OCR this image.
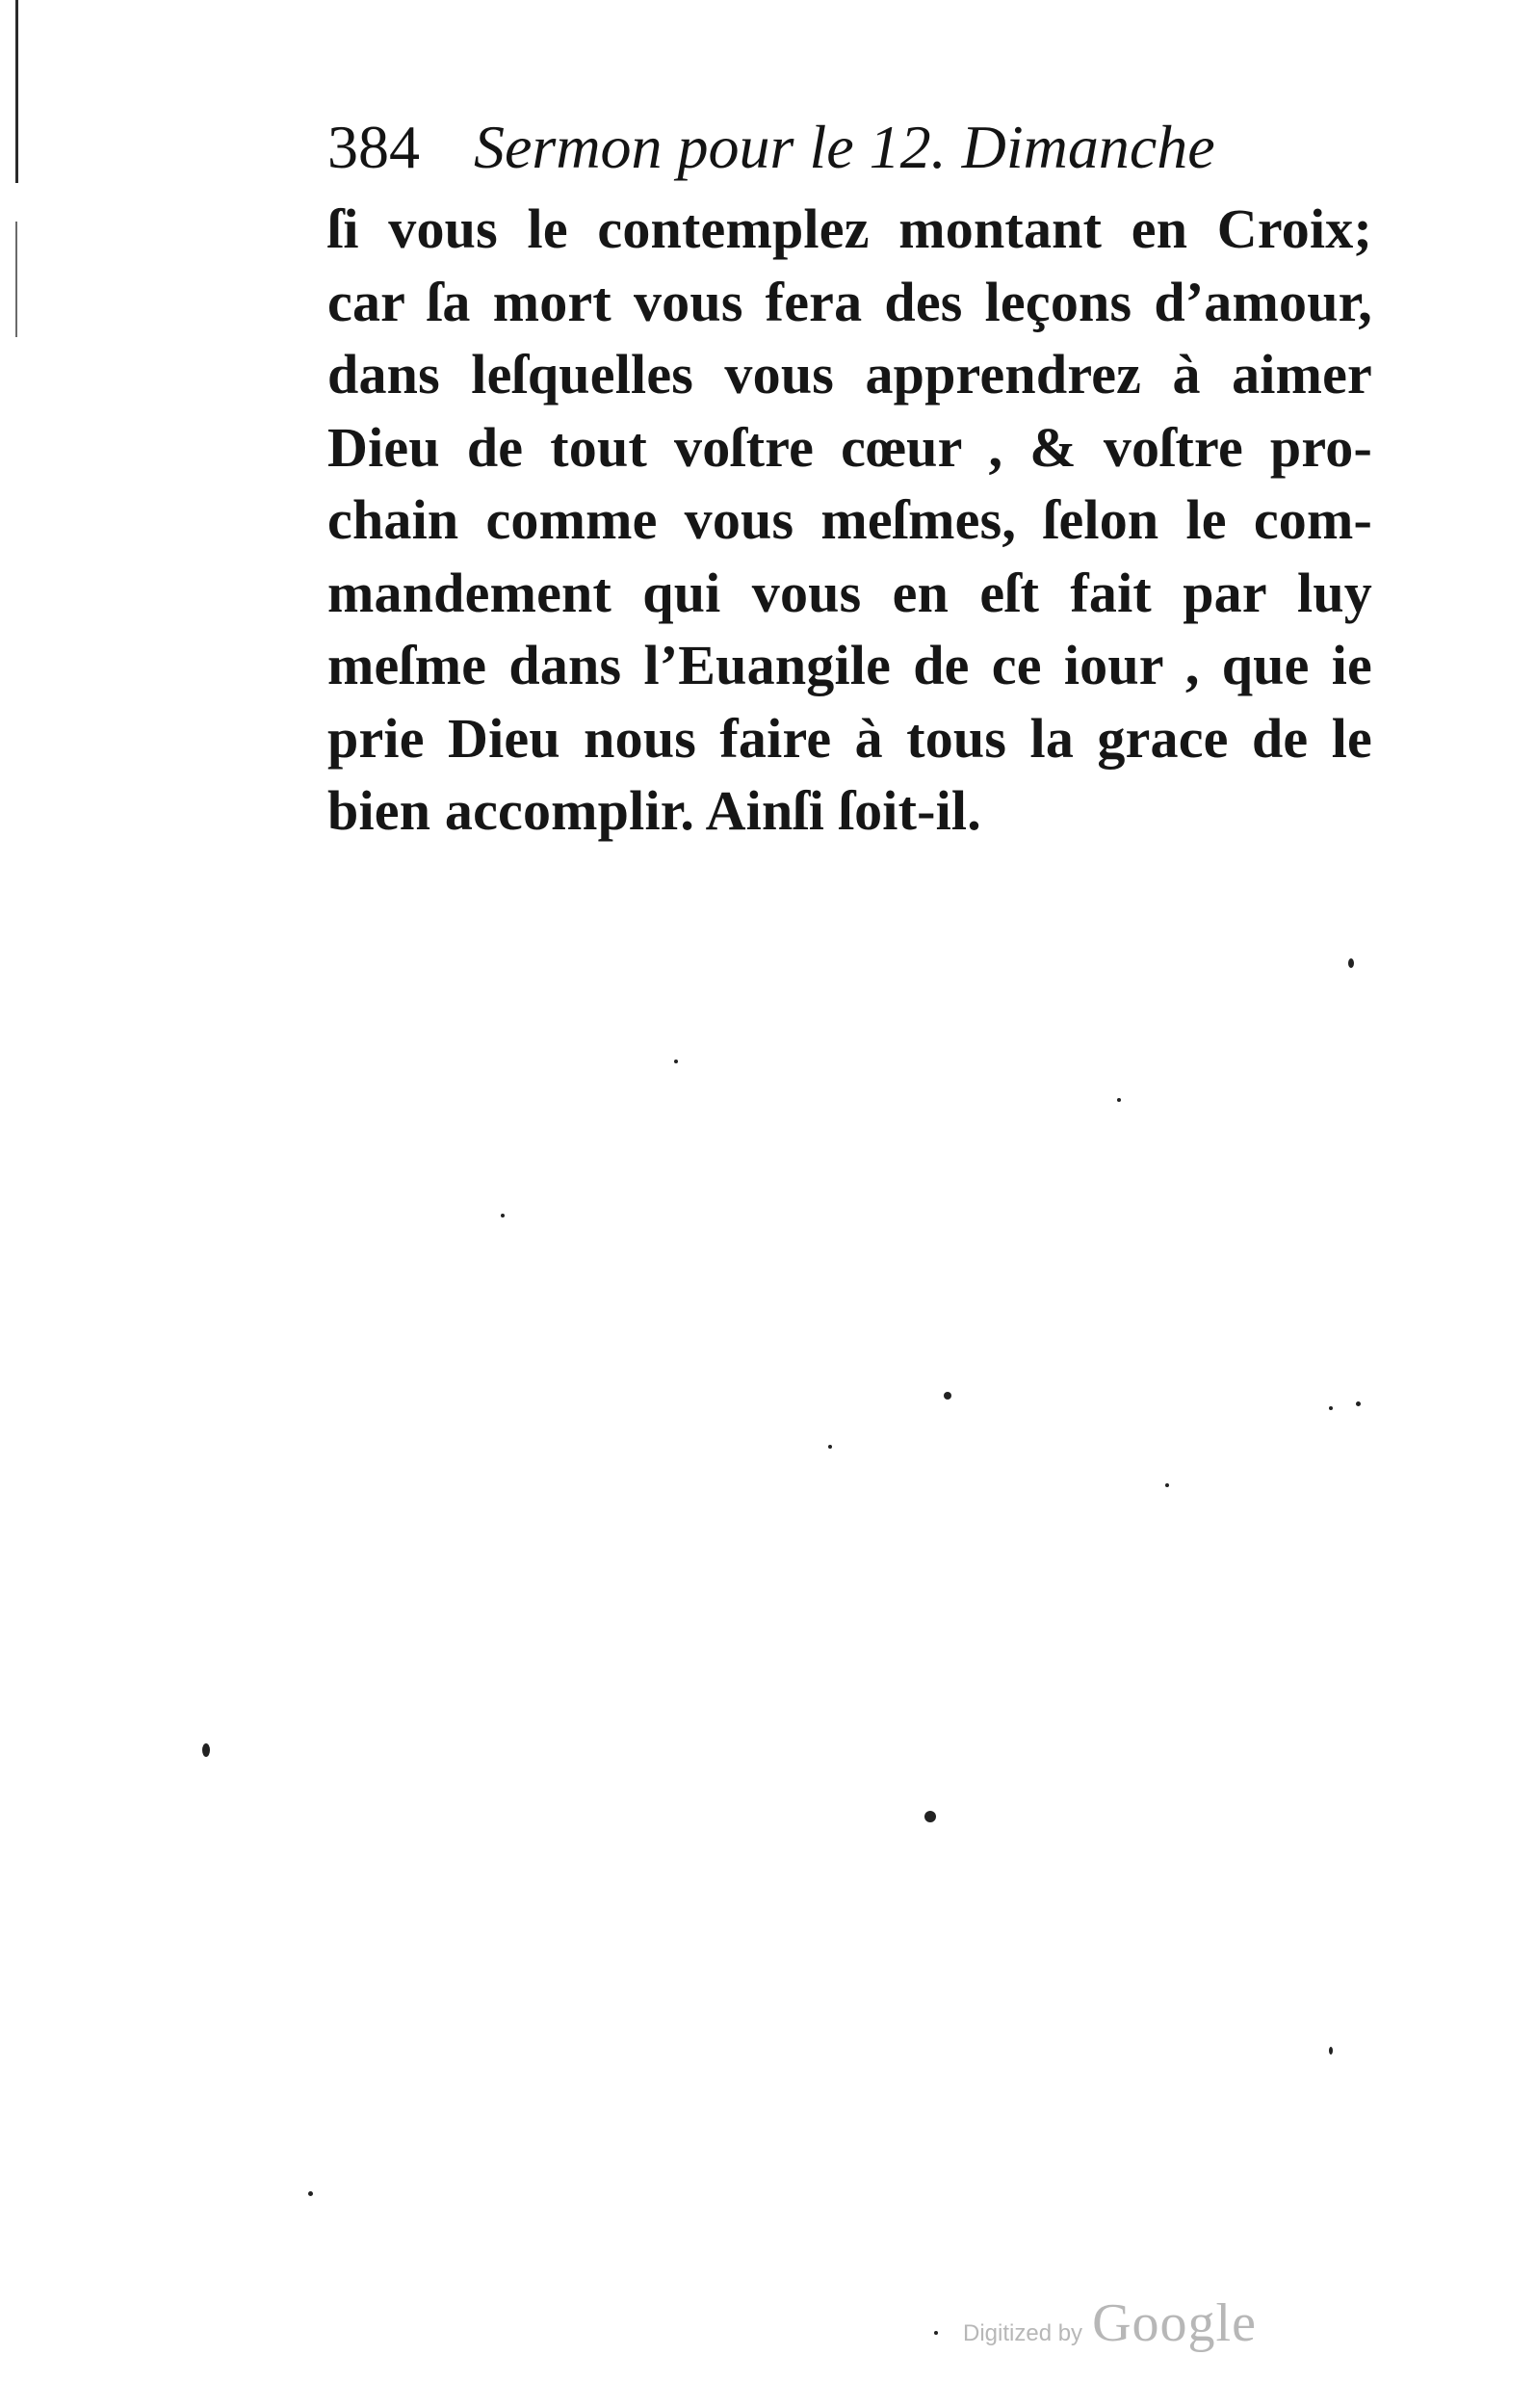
384 Sermon pour le 12. Dimanche
ſi vous le contemplez montant en Croix;
car ſa mort vous fera des leçons d’amour,
dans leſquelles vous apprendrez à aimer
Dieu de tout voſtre cœur , & voſtre pro-
chain comme vous meſmes, ſelon le com-
mandement qui vous en eſt fait par luy
meſme dans l’Euangile de ce iour , que ie
prie Dieu nous faire à tous la grace de le
bien accomplir. Ainſi ſoit-il.
Digitized by Google
